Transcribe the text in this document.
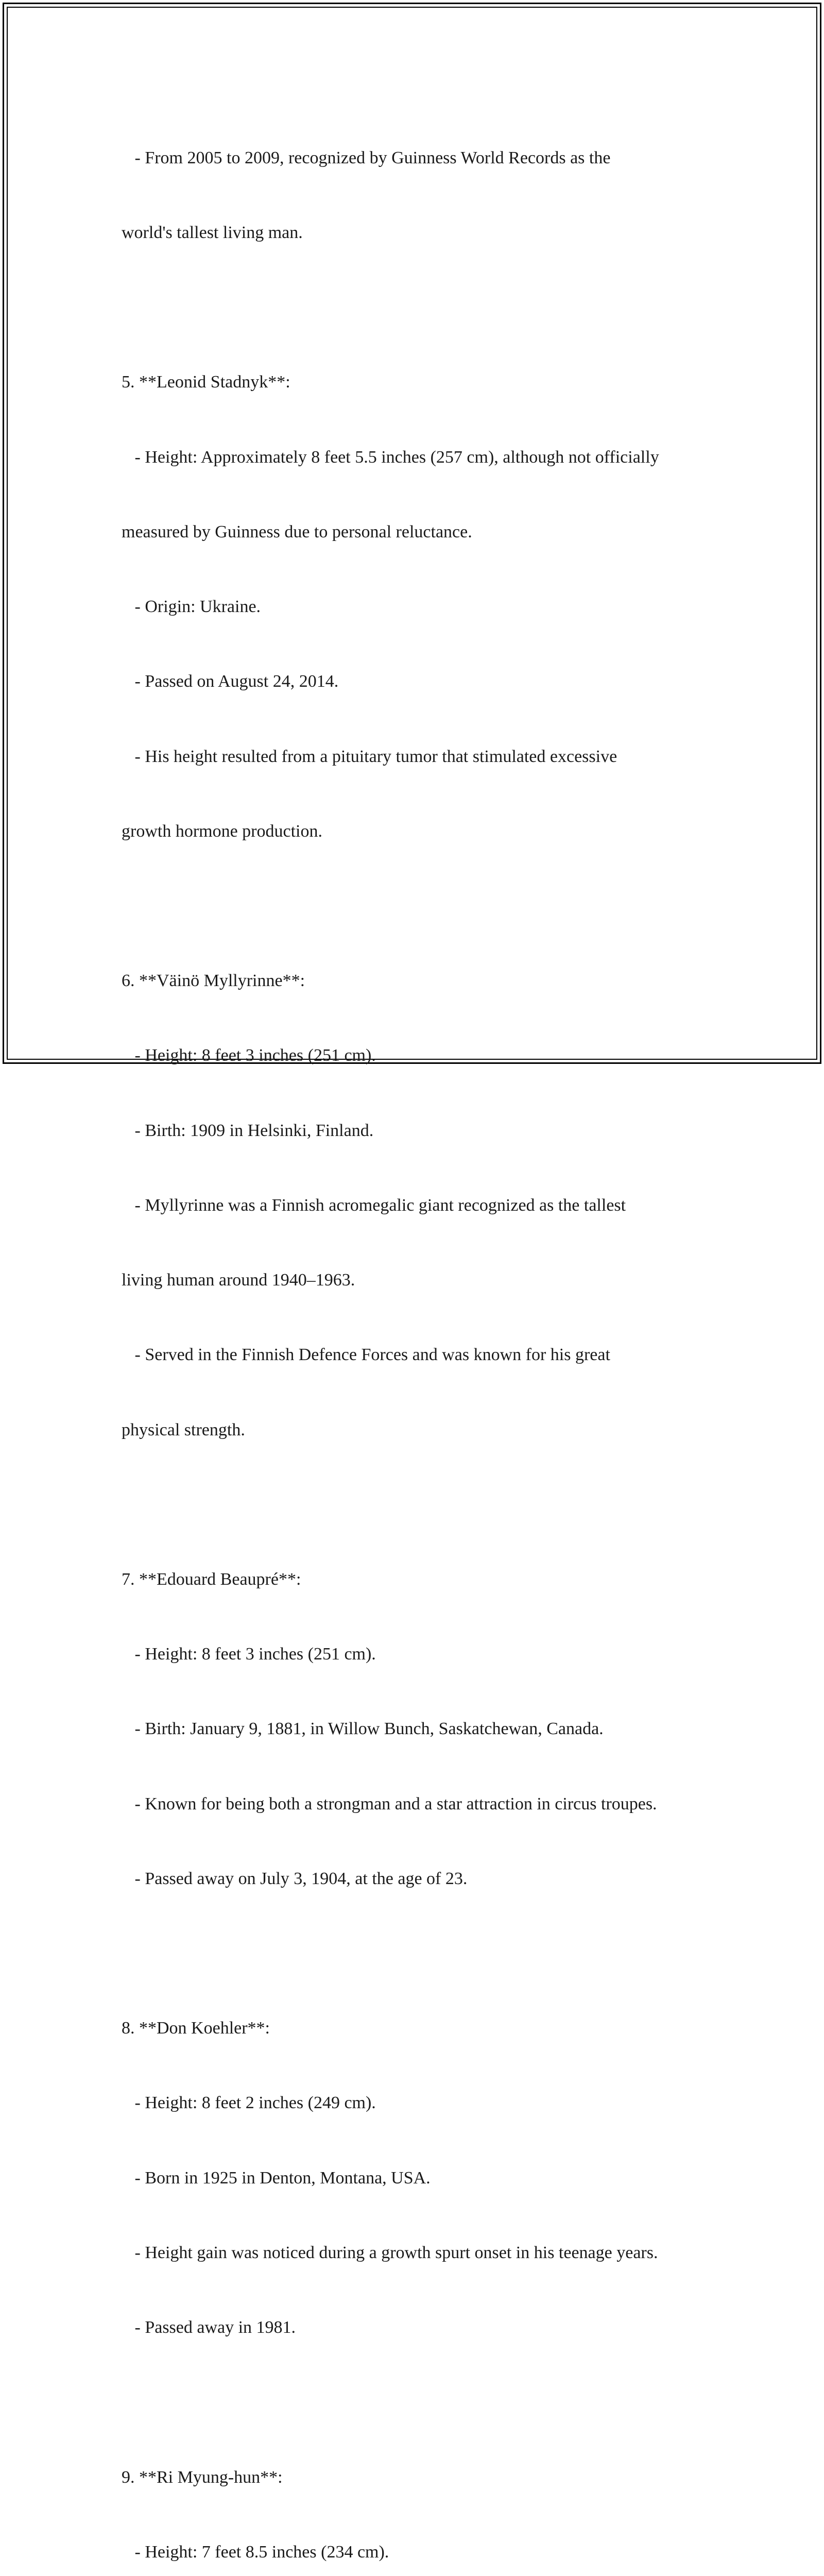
- From 2005 to 2009, recognized by Guinness World Records as the

world's tallest living man.

5. **Leonid Stadnyk**:

- Height: Approximately 8 feet 5.5 inches (257 cm), although not officially

measured by Guinness due to personal reluctance.

- Origin: Ukraine.

- Passed on August 24, 2014.

- His height resulted from a pituitary tumor that stimulated excessive

growth hormone production.

6. **Väinö Myllyrinne**:

- Height: 8 feet 3 inches (251 cm).

- Birth: 1909 in Helsinki, Finland.

- Myllyrinne was a Finnish acromegalic giant recognized as the tallest

living human around 1940–1963.

- Served in the Finnish Defence Forces and was known for his great

physical strength.

7. **Edouard Beaupré**:

- Height: 8 feet 3 inches (251 cm).

- Birth: January 9, 1881, in Willow Bunch, Saskatchewan, Canada.

- Known for being both a strongman and a star attraction in circus troupes.

- Passed away on July 3, 1904, at the age of 23.

8. **Don Koehler**:

- Height: 8 feet 2 inches (249 cm).

- Born in 1925 in Denton, Montana, USA.

- Height gain was noticed during a growth spurt onset in his teenage years.

- Passed away in 1981.

9. **Ri Myung-hun**:

- Height: 7 feet 8.5 inches (234 cm).
